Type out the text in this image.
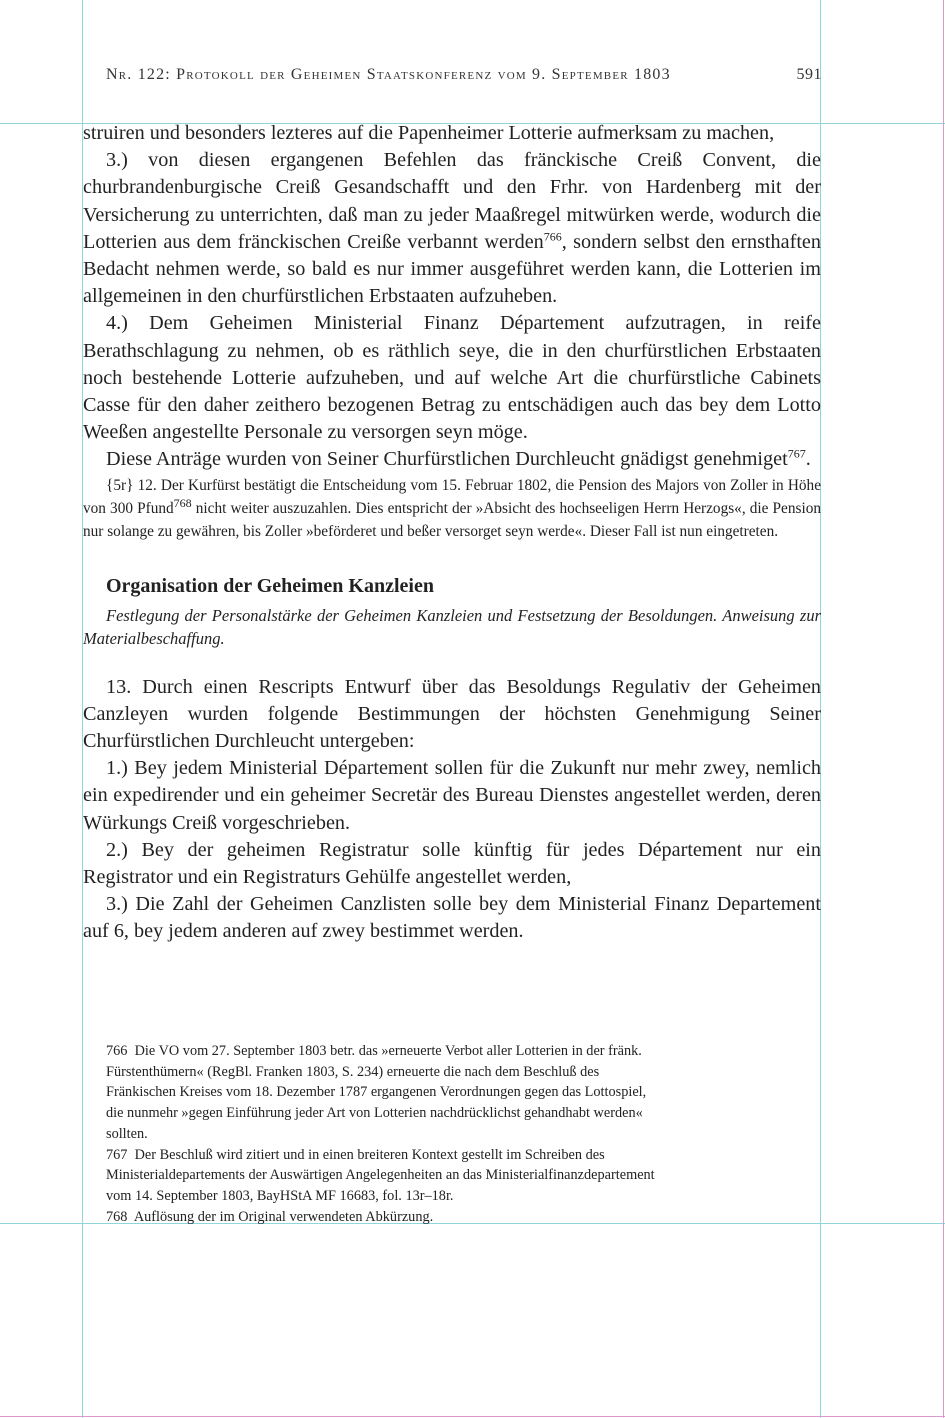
Nr. 122: Protokoll der Geheimen Staatskonferenz vom 9. September 1803	591

struiren und besonders lezteres auf die Papenheimer Lotterie aufmerksam zu machen,

3.) von diesen ergangenen Befehlen das fränckische Creiß Convent, die churbrandenburgische Creiß Gesandschafft und den Frhr. von Hardenberg mit der Versicherung zu unterrichten, daß man zu jeder Maaßregel mitwürken werde, wodurch die Lotterien aus dem fränckischen Creiße verbannt werden$^{766}$, sondern selbst den ernsthaften Bedacht nehmen werde, so bald es nur immer ausgeführet werden kann, die Lotterien im allgemeinen in den churfürstlichen Erbstaaten aufzuheben.

4.) Dem Geheimen Ministerial Finanz Département aufzutragen, in reife Berathschlagung zu nehmen, ob es räthlich seye, die in den churfürstlichen Erbstaaten noch bestehende Lotterie aufzuheben, und auf welche Art die churfürstliche Cabinets Casse für den daher zeithero bezogenen Betrag zu entschädigen auch das bey dem Lotto Weeßen angestellte Personale zu versorgen seyn möge.

Diese Anträge wurden von Seiner Churfürstlichen Durchleucht gnädigst genehmiget$^{767}$.

{5r} 12. Der Kurfürst bestätigt die Entscheidung vom 15. Februar 1802, die Pension des Majors von Zoller in Höhe von 300 Pfund$^{768}$ nicht weiter auszuzahlen. Dies entspricht der »Absicht des hochseeligen Herrn Herzogs«, die Pension nur solange zu gewähren, bis Zoller »beförderet und beßer versorget seyn werde«. Dieser Fall ist nun eingetreten.

Organisation der Geheimen Kanzleien

Festlegung der Personalstärke der Geheimen Kanzleien und Festsetzung der Besoldungen. Anweisung zur Materialbeschaffung.

13. Durch einen Rescripts Entwurf über das Besoldungs Regulativ der Geheimen Canzleyen wurden folgende Bestimmungen der höchsten Genehmigung Seiner Churfürstlichen Durchleucht untergeben:

1.) Bey jedem Ministerial Département sollen für die Zukunft nur mehr zwey, nemlich ein expedirender und ein geheimer Secretär des Bureau Dienstes angestellet werden, deren Würkungs Creiß vorgeschrieben.

2.) Bey der geheimen Registratur solle künftig für jedes Département nur ein Registrator und ein Registraturs Gehülfe angestellet werden,

3.) Die Zahl der Geheimen Canzlisten solle bey dem Ministerial Finanz Departement auf 6, bey jedem anderen auf zwey bestimmet werden.

766 Die VO vom 27. September 1803 betr. das »erneuerte Verbot aller Lotterien in der fränk. Fürstenthümern« (RegBl. Franken 1803, S. 234) erneuerte die nach dem Beschluß des Fränkischen Kreises vom 18. Dezember 1787 ergangenen Verordnungen gegen das Lottospiel, die nunmehr »gegen Einführung jeder Art von Lotterien nachdrücklichst gehandhabt werden« sollten.

767 Der Beschluß wird zitiert und in einen breiteren Kontext gestellt im Schreiben des Ministerialdepartements der Auswärtigen Angelegenheiten an das Ministerialfinanzdepartement vom 14. September 1803, BayHStA MF 16683, fol. 13r–18r.

768 Auflösung der im Original verwendeten Abkürzung.
